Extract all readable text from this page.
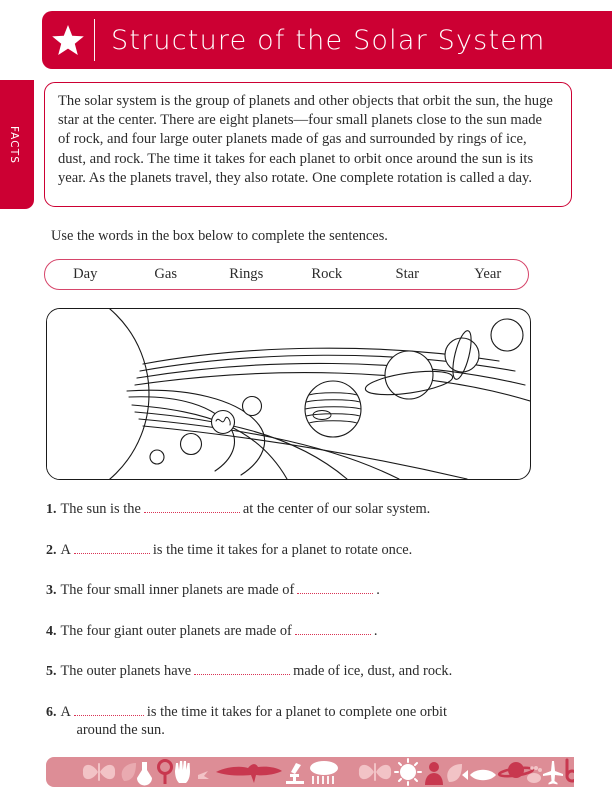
Structure of the Solar System
FACTS

The solar system is the group of planets and other objects that orbit the sun, the huge star at the center. There are eight planets—four small planets close to the sun made of rock, and four large outer planets made of gas and surrounded by rings of ice, dust, and rock. The time it takes for each planet to orbit once around the sun is its year. As the planets travel, they also rotate. One complete rotation is called a day.

Use the words in the box below to complete the sentences.
Day	Gas	Rings	Rock	Star	Year
1. The sun is the	at the center of our solar system.
2. A	is the time it takes for a planet to rotate once.
3. The four small inner planets are made of	.
4. The four giant outer planets are made of	.
5. The outer planets have	made of ice, dust, and rock.
6. A	is the time it takes for a planet to complete one orbit
around the sun.
